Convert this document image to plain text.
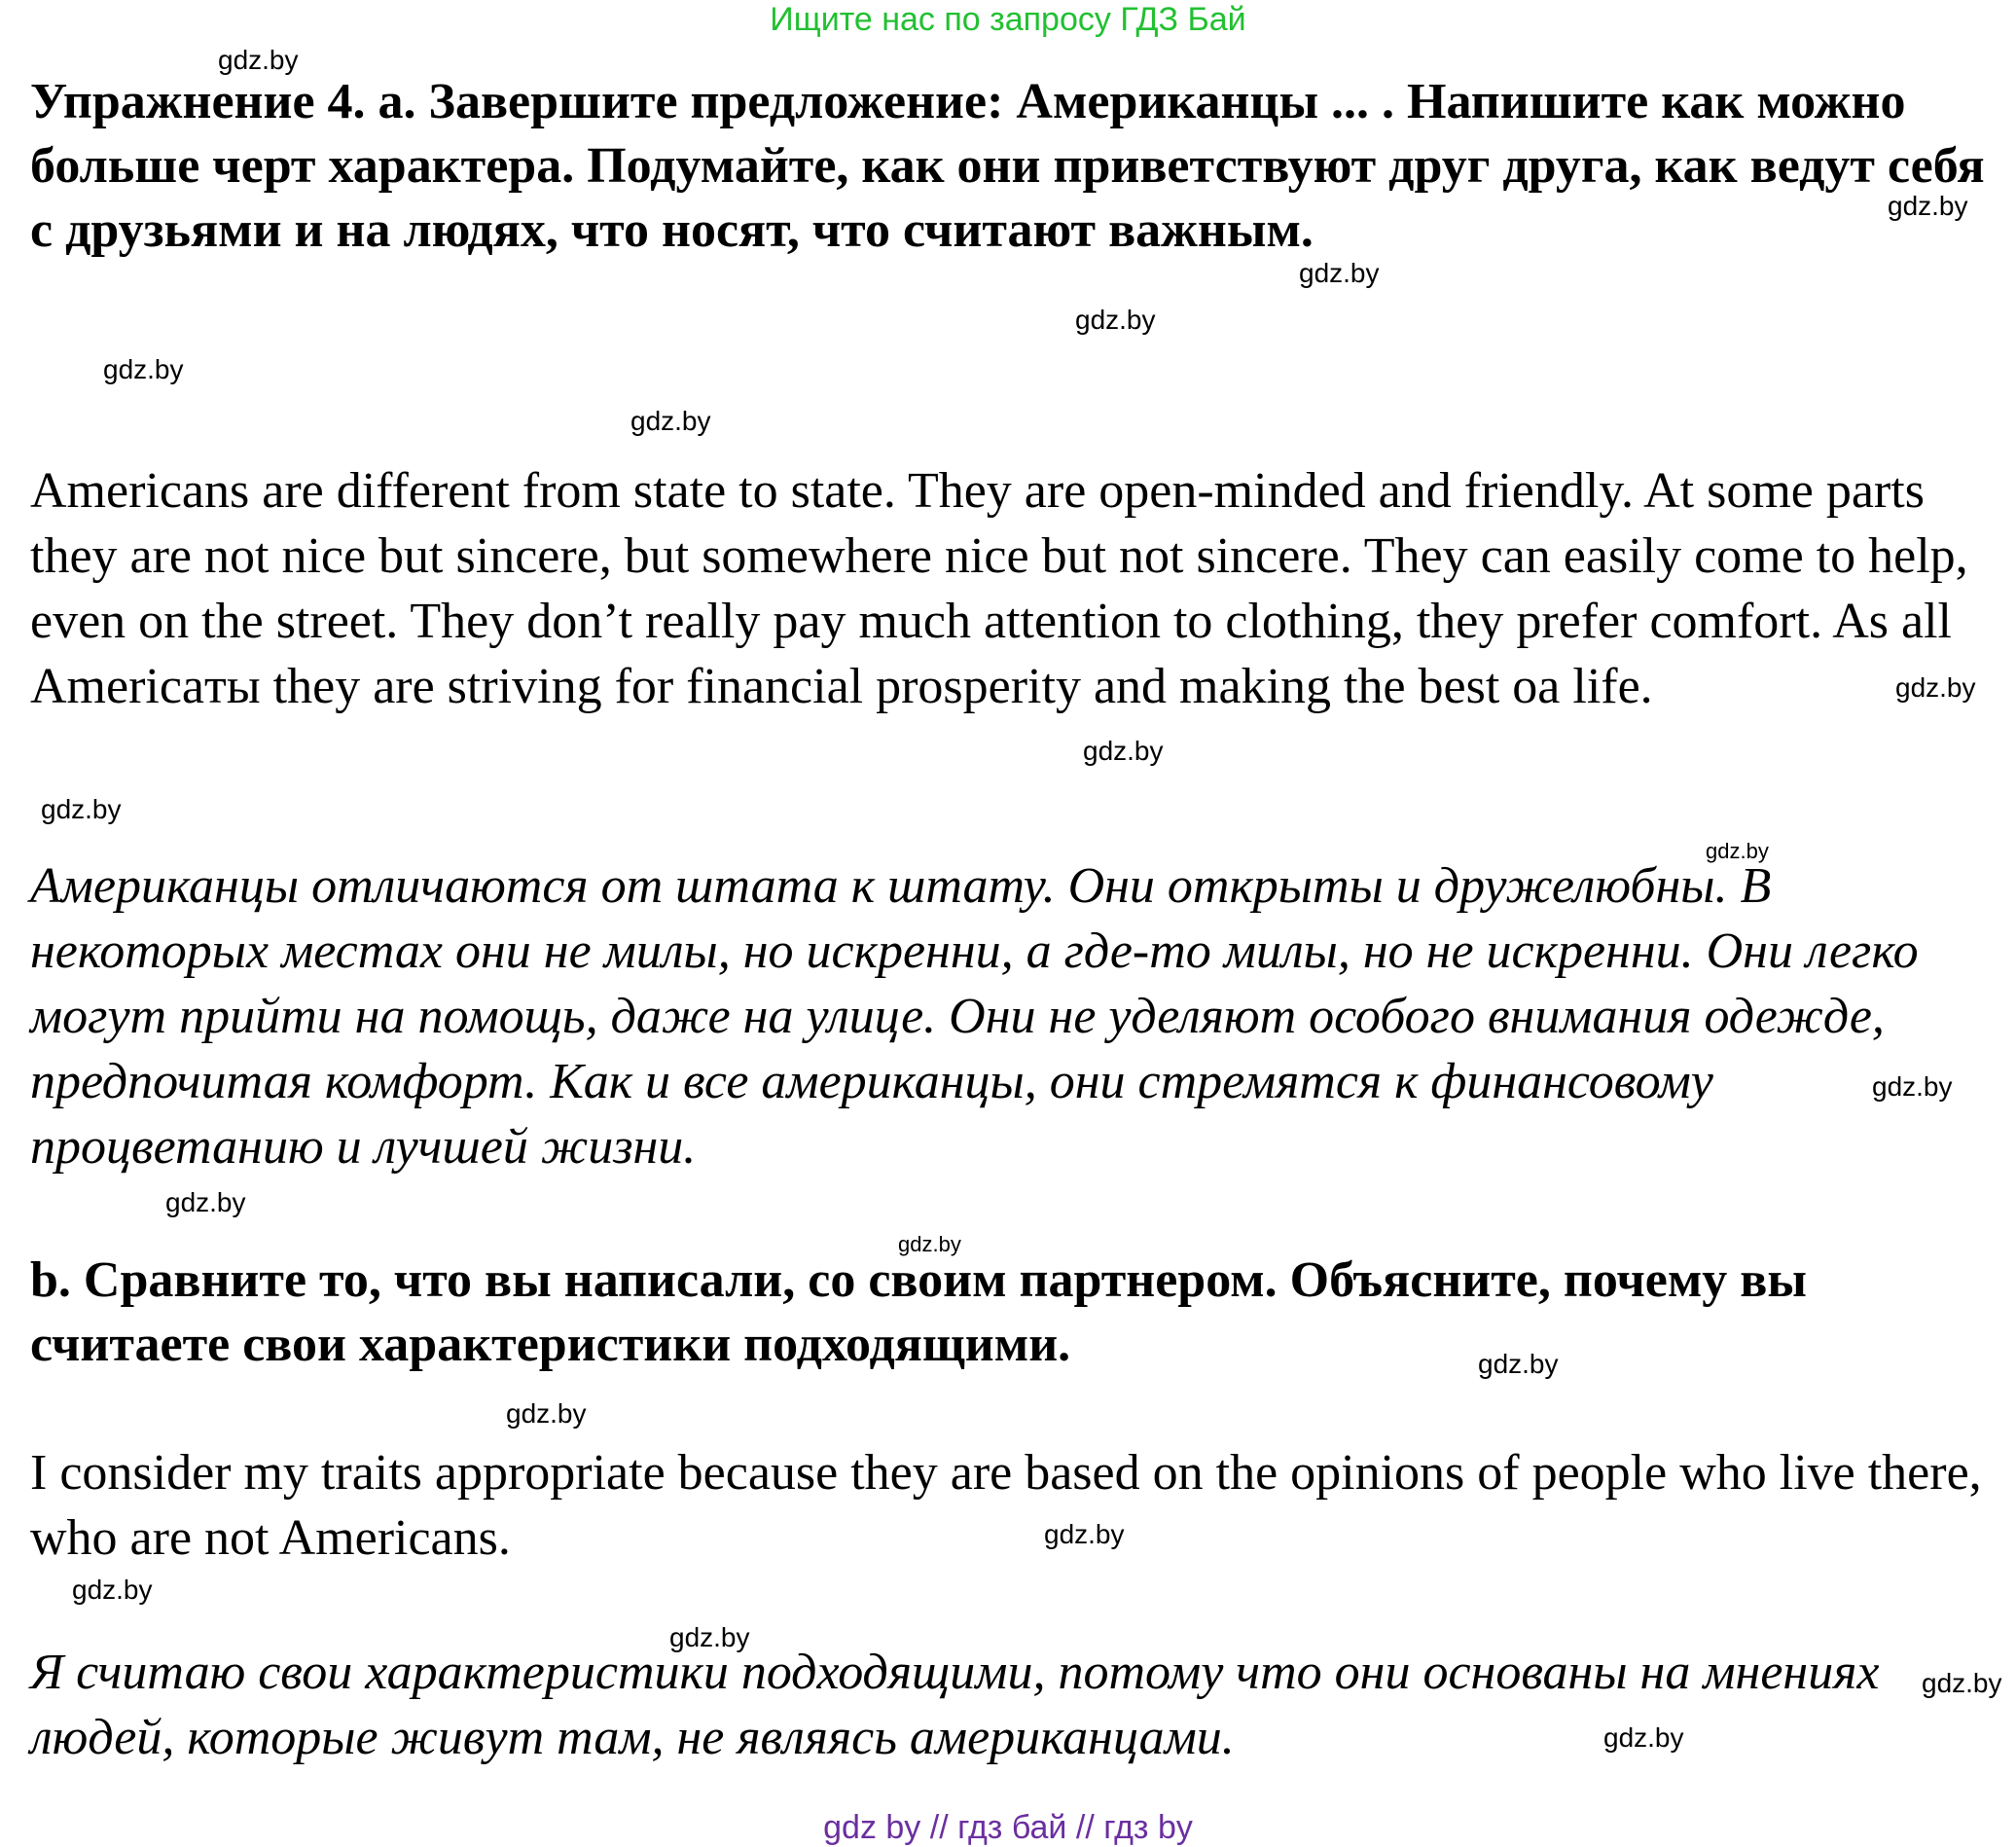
Ищите нас по запросу ГДЗ Бай

Упражнение 4. a. Завершите предложение: Американцы ... . Напишите как можно больше черт характера. Подумайте, как они приветствуют друг друга, как ведут себя с друзьями и на людях, что носят, что считают важным.

Americans are different from state to state. They are open-minded and friendly. At some parts they are not nice but sincere, but somewhere nice but not sincere. They can easily come to help, even on the street. They don’t really pay much attention to clothing, they prefer comfort. As all Americaты they are striving for financial prosperity and making the best oa life.

Американцы отличаются от штата к штату. Они открыты и дружелюбны. В некоторых местах они не милы, но искренни, а где-то милы, но не искренни. Они легко могут прийти на помощь, даже на улице. Они не уделяют особого внимания одежде, предпочитая комфорт. Как и все американцы, они стремятся к финансовому процветанию и лучшей жизни.

b. Сравните то, что вы написали, со своим партнером. Объясните, почему вы считаете свои характеристики подходящими.

I consider my traits appropriate because they are based on the opinions of people who live there, who are not Americans.

Я считаю свои характеристики подходящими, потому что они основаны на мнениях людей, которые живут там, не являясь американцами.

gdz.by
gdz.by
gdz.by
gdz.by
gdz.by
gdz.by
gdz.by
gdz.by
gdz.by
gdz.by
gdz.by
gdz.by
gdz.by
gdz.by
gdz.by
gdz.by
gdz.by
gdz.by
gdz.by
gdz.by
gdz by // гдз бай // гдз by
